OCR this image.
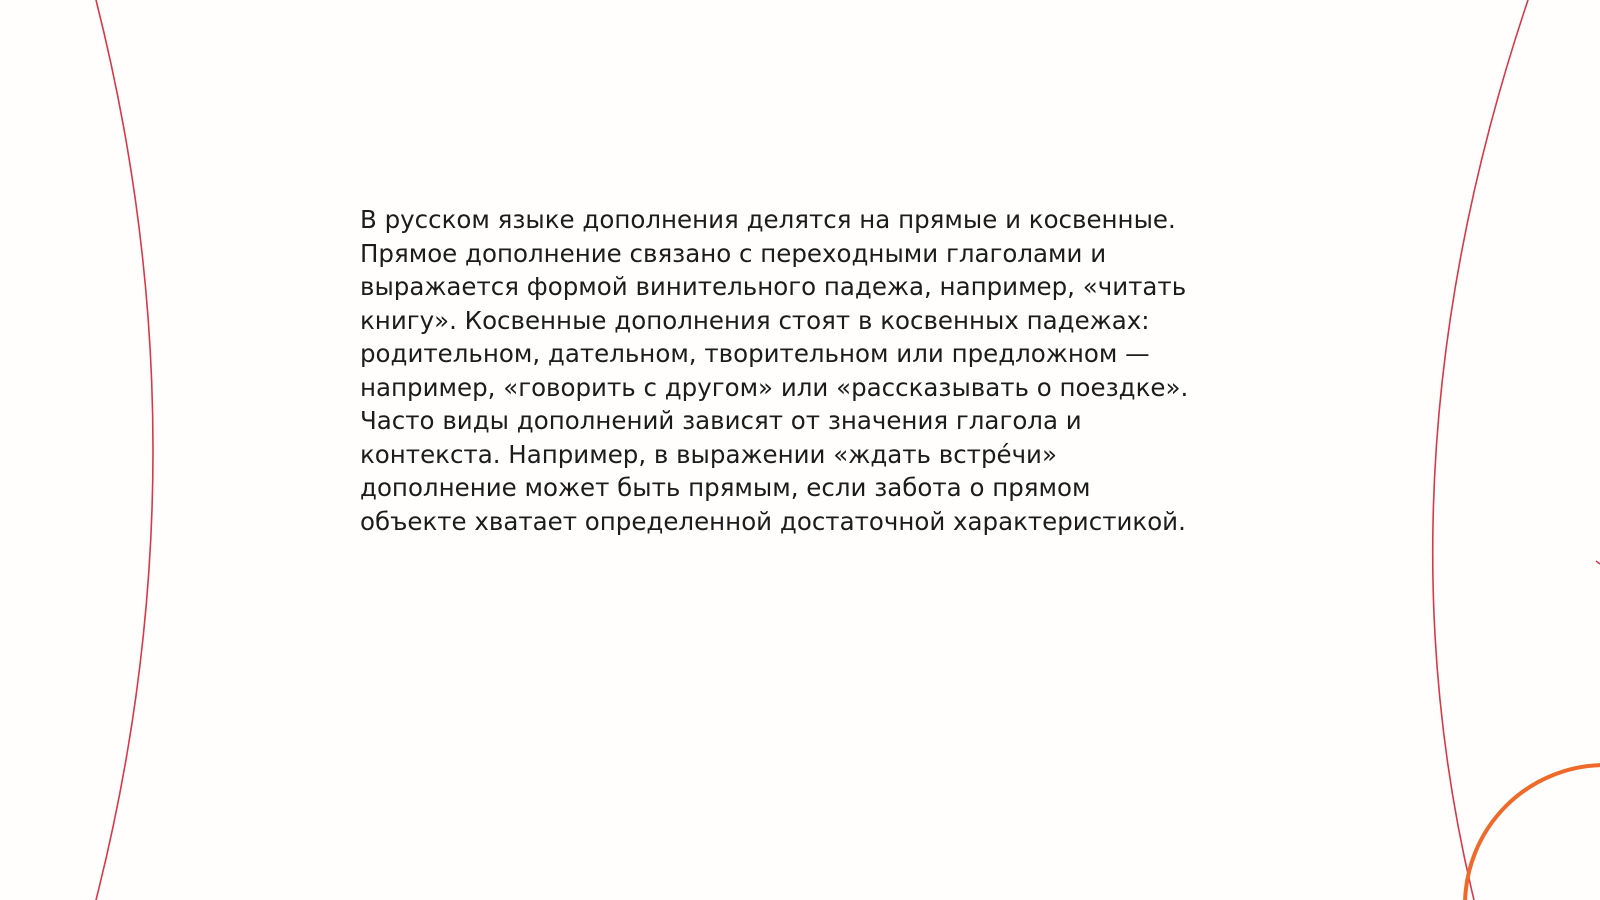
В русском языке дополнения делятся на прямые и косвенные.
Прямое дополнение связано с переходными глаголами и
выражается формой винительного падежа, например, «читать
книгу». Косвенные дополнения стоят в косвенных падежах:
родительном, дательном, творительном или предложном —
например, «говорить с другом» или «рассказывать о поездке».
Часто виды дополнений зависят от значения глагола и
контекста. Например, в выражении «ждать встре́чи»
дополнение может быть прямым, если забота о прямом
объекте хватает определенной достаточной характеристикой.
